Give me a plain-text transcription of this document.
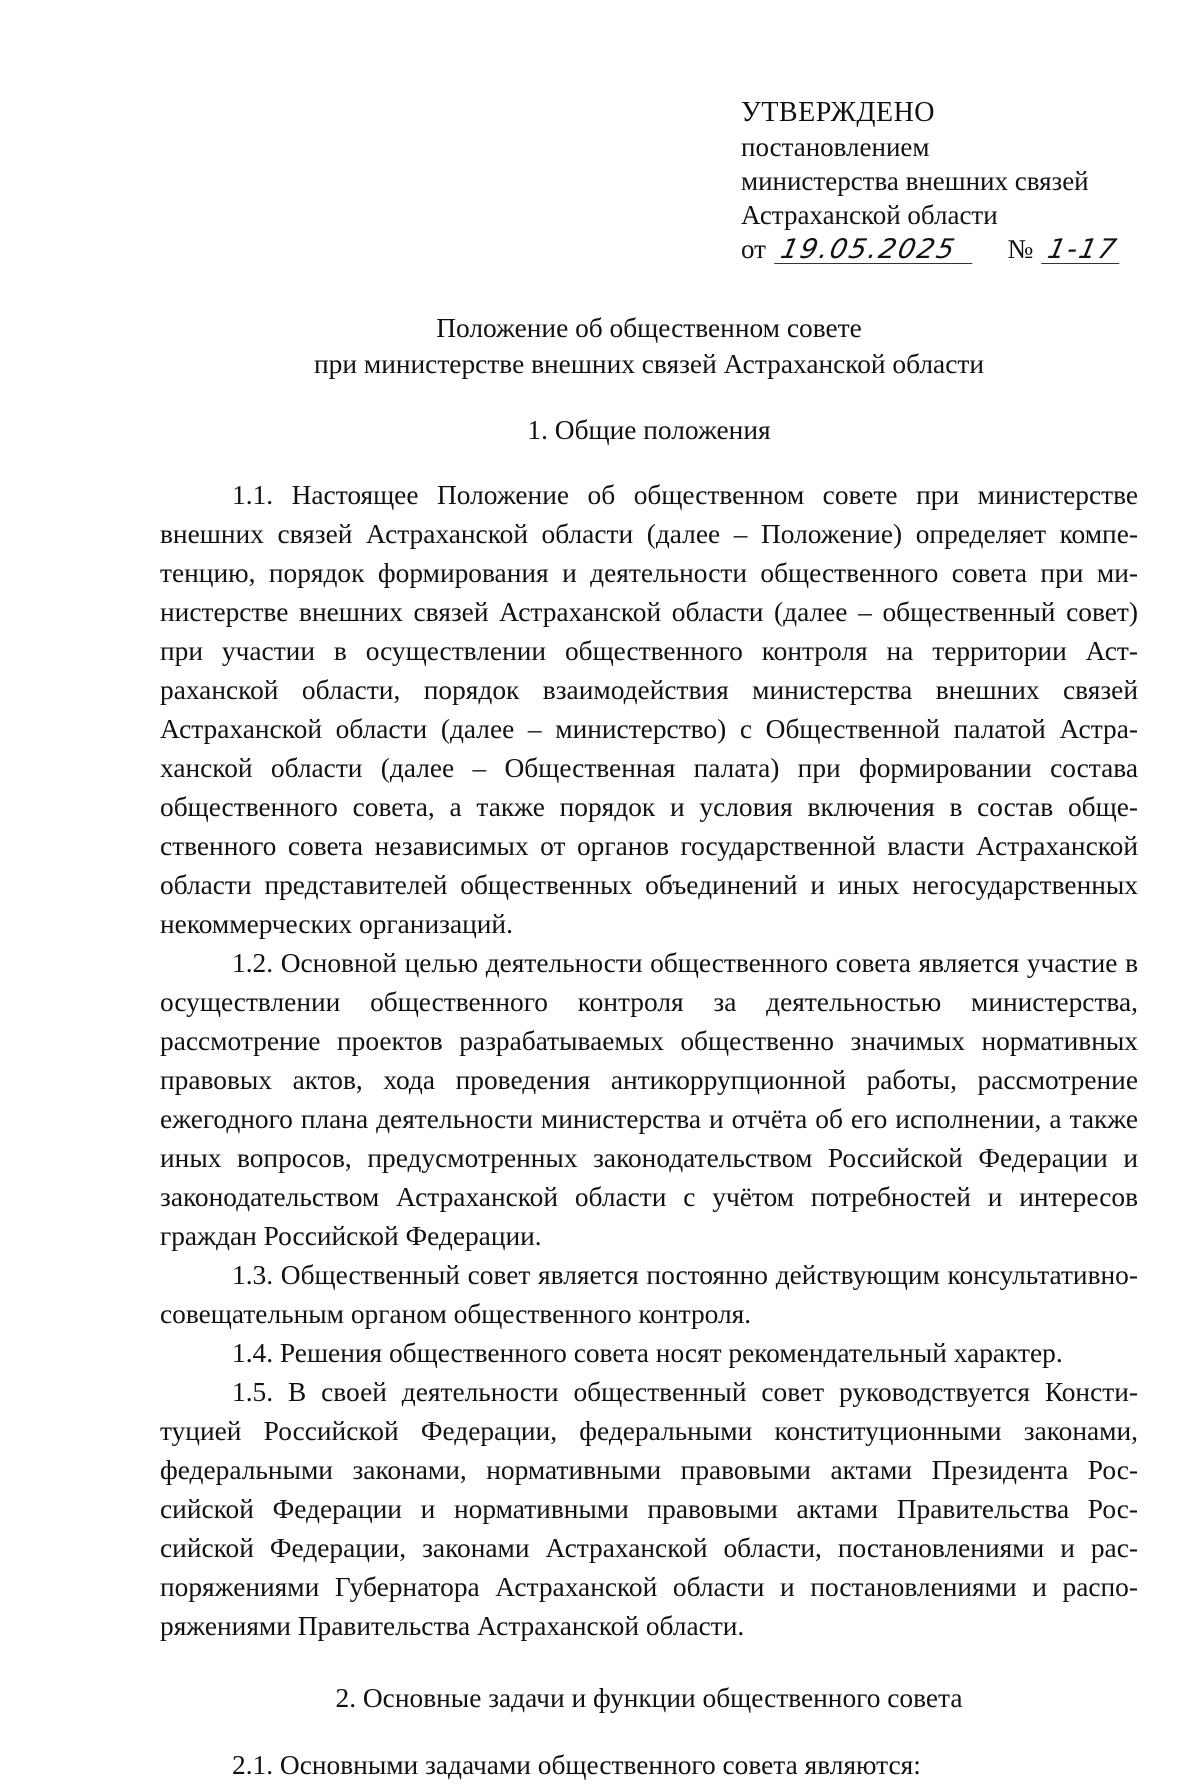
УТВЕРЖДЕНО
постановлением
министерства внешних связей
Астраханской области
от 19.05.2025 № 1-17
Положение об общественном совете
при министерстве внешних связей Астраханской области
1. Общие положения

1.1. Настоящее Положение об общественном совете при министерстве внешних связей Астраханской области (далее – Положение) определяет компетенцию, порядок формирования и деятельности общественного совета при министерстве внешних связей Астраханской области (далее – общественный совет) при участии в осуществлении общественного контроля на территории Астраханской области, порядок взаимодействия министерства внешних связей Астраханской области (далее – министерство) с Общественной палатой Астраханской области (далее – Общественная палата) при формировании состава общественного совета, а также порядок и условия включения в состав общественного совета независимых от органов государственной власти Астраханской области представителей общественных объединений и иных негосударственных некоммерческих организаций.

1.2. Основной целью деятельности общественного совета является участие в осуществлении общественного контроля за деятельностью министерства, рассмотрение проектов разрабатываемых общественно значимых нормативных правовых актов, хода проведения антикоррупционной работы, рассмотрение ежегодного плана деятельности министерства и отчёта об его исполнении, а также иных вопросов, предусмотренных законодательством Российской Федерации и законодательством Астраханской области с учётом потребностей и интересов граждан Российской Федерации.

1.3. Общественный совет является постоянно действующим консультативно-совещательным органом общественного контроля.

1.4. Решения общественного совета носят рекомендательный характер.

1.5. В своей деятельности общественный совет руководствуется Конституцией Российской Федерации, федеральными конституционными законами, федеральными законами, нормативными правовыми актами Президента Российской Федерации и нормативными правовыми актами Правительства Российской Федерации, законами Астраханской области, постановлениями и распоряжениями Губернатора Астраханской области и постановлениями и распоряжениями Правительства Астраханской области.

2. Основные задачи и функции общественного совета

2.1. Основными задачами общественного совета являются:
